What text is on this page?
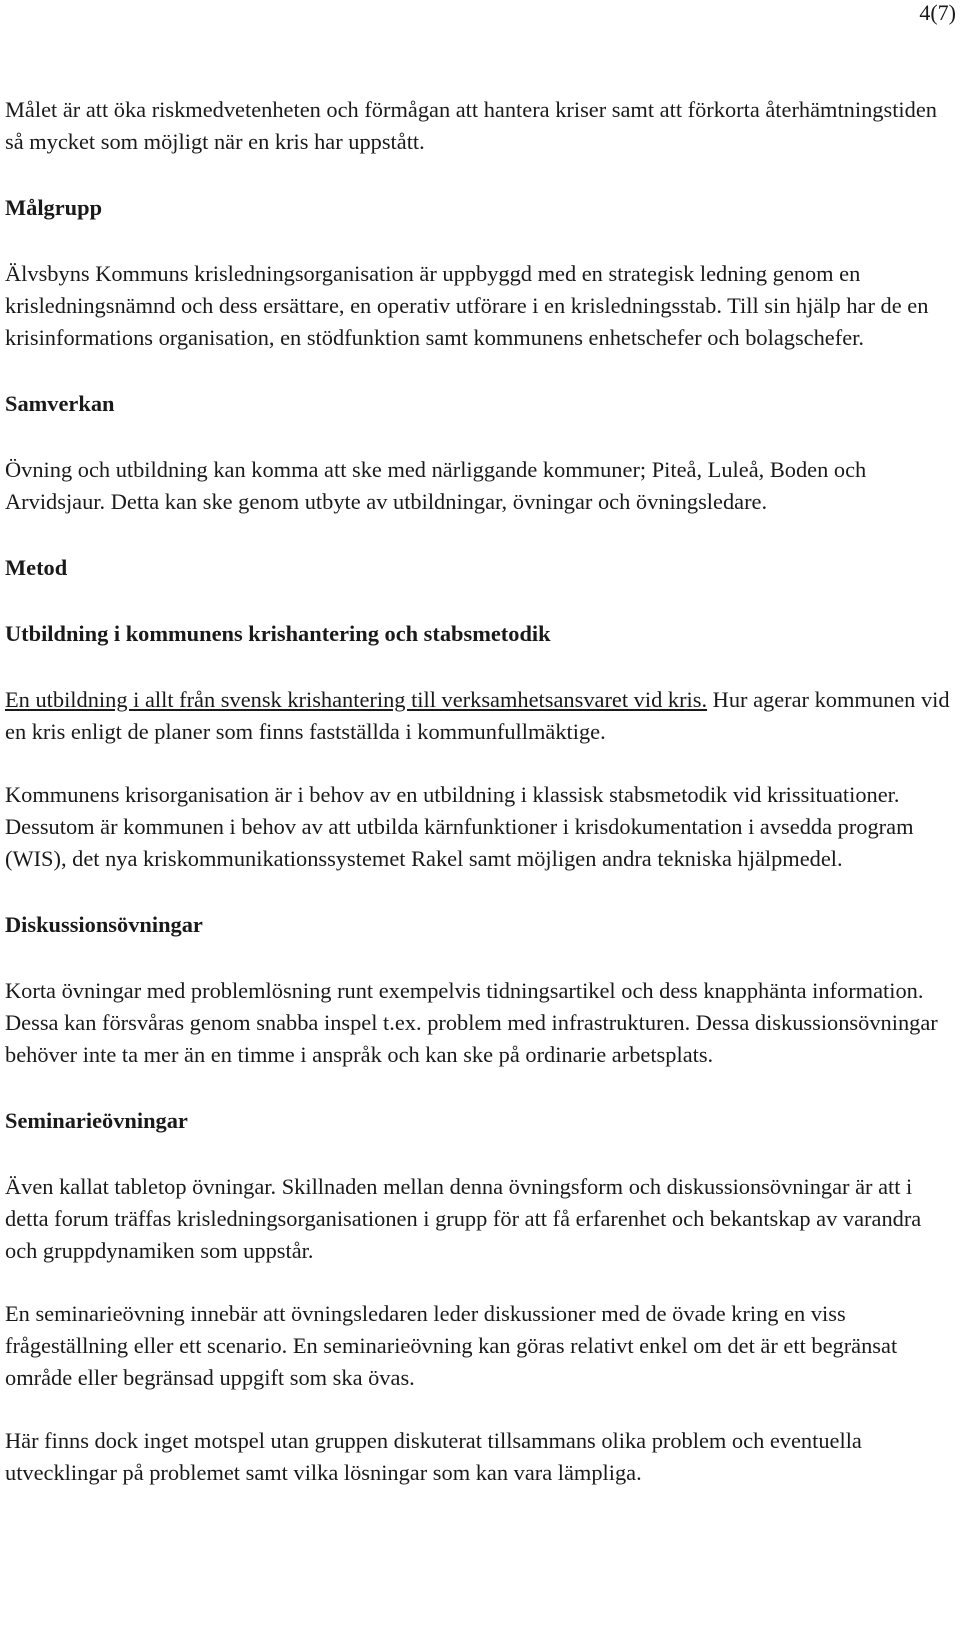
4(7)

Målet är att öka riskmedvetenheten och förmågan att hantera kriser samt att förkorta återhämtningstiden så mycket som möjligt när en kris har uppstått.

Målgrupp

Älvsbyns Kommuns krisledningsorganisation är uppbyggd med en strategisk ledning genom en krisledningsnämnd och dess ersättare, en operativ utförare i en krisledningsstab. Till sin hjälp har de en krisinformations organisation, en stödfunktion samt kommunens enhetschefer och bolagschefer.

Samverkan

Övning och utbildning kan komma att ske med närliggande kommuner; Piteå, Luleå, Boden och Arvidsjaur. Detta kan ske genom utbyte av utbildningar, övningar och övningsledare.

Metod
Utbildning i kommunens krishantering och stabsmetodik

En utbildning i allt från svensk krishantering till verksamhetsansvaret vid kris. Hur agerar kommunen vid en kris enligt de planer som finns fastställda i kommunfullmäktige.

Kommunens krisorganisation är i behov av en utbildning i klassisk stabsmetodik vid krissituationer. Dessutom är kommunen i behov av att utbilda kärnfunktioner i krisdokumentation i avsedda program (WIS), det nya kriskommunikationssystemet Rakel samt möjligen andra tekniska hjälpmedel.

Diskussionsövningar

Korta övningar med problemlösning runt exempelvis tidningsartikel och dess knapphänta information. Dessa kan försvåras genom snabba inspel t.ex. problem med infrastrukturen. Dessa diskussionsövningar behöver inte ta mer än en timme i anspråk och kan ske på ordinarie arbetsplats.

Seminarieövningar

Även kallat tabletop övningar. Skillnaden mellan denna övningsform och diskussionsövningar är att i detta forum träffas krisledningsorganisationen i grupp för att få erfarenhet och bekantskap av varandra och gruppdynamiken som uppstår.

En seminarieövning innebär att övningsledaren leder diskussioner med de övade kring en viss frågeställning eller ett scenario. En seminarieövning kan göras relativt enkel om det är ett begränsat område eller begränsad uppgift som ska övas.

Här finns dock inget motspel utan gruppen diskuterat tillsammans olika problem och eventuella utvecklingar på problemet samt vilka lösningar som kan vara lämpliga.
